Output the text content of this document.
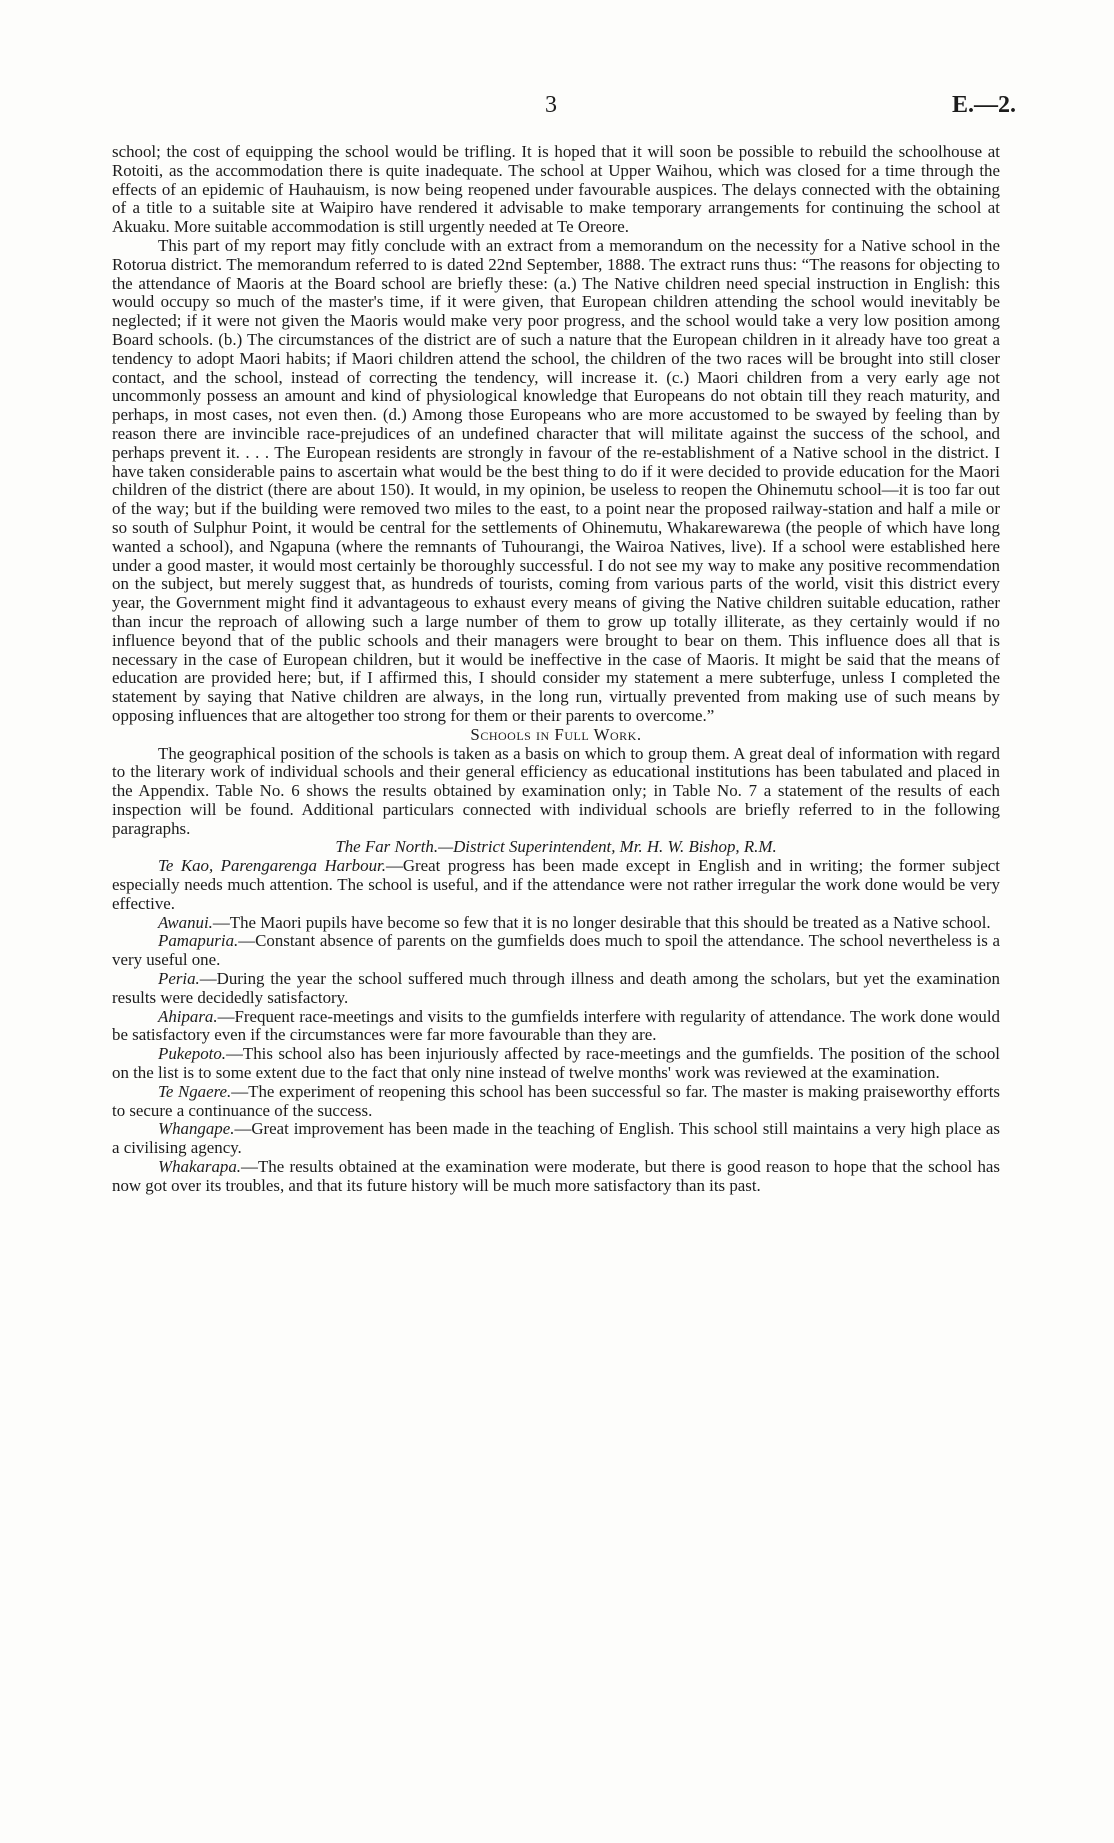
3	E.—2.

school; the cost of equipping the school would be trifling. It is hoped that it will soon be possible to rebuild the schoolhouse at Rotoiti, as the accommodation there is quite inadequate. The school at Upper Waihou, which was closed for a time through the effects of an epidemic of Hauhauism, is now being reopened under favourable auspices. The delays connected with the obtaining of a title to a suitable site at Waipiro have rendered it advisable to make temporary arrangements for continuing the school at Akuaku. More suitable accommodation is still urgently needed at Te Oreore.

This part of my report may fitly conclude with an extract from a memorandum on the necessity for a Native school in the Rotorua district. The memorandum referred to is dated 22nd September, 1888. The extract runs thus: “The reasons for objecting to the attendance of Maoris at the Board school are briefly these: (a.) The Native children need special instruction in English: this would occupy so much of the master's time, if it were given, that European children attending the school would inevitably be neglected; if it were not given the Maoris would make very poor progress, and the school would take a very low position among Board schools. (b.) The circumstances of the district are of such a nature that the European children in it already have too great a tendency to adopt Maori habits; if Maori children attend the school, the children of the two races will be brought into still closer contact, and the school, instead of correcting the tendency, will increase it. (c.) Maori children from a very early age not uncommonly possess an amount and kind of physiological knowledge that Europeans do not obtain till they reach maturity, and perhaps, in most cases, not even then. (d.) Among those Europeans who are more accustomed to be swayed by feeling than by reason there are invincible race-prejudices of an undefined character that will militate against the success of the school, and perhaps prevent it. . . . The European residents are strongly in favour of the re-establishment of a Native school in the district. I have taken considerable pains to ascertain what would be the best thing to do if it were decided to provide education for the Maori children of the district (there are about 150). It would, in my opinion, be useless to reopen the Ohinemutu school—it is too far out of the way; but if the building were removed two miles to the east, to a point near the proposed railway-station and half a mile or so south of Sulphur Point, it would be central for the settlements of Ohinemutu, Whakarewarewa (the people of which have long wanted a school), and Ngapuna (where the remnants of Tuhourangi, the Wairoa Natives, live). If a school were established here under a good master, it would most certainly be thoroughly successful. I do not see my way to make any positive recommendation on the subject, but merely suggest that, as hundreds of tourists, coming from various parts of the world, visit this district every year, the Government might find it advantageous to exhaust every means of giving the Native children suitable education, rather than incur the reproach of allowing such a large number of them to grow up totally illiterate, as they certainly would if no influence beyond that of the public schools and their managers were brought to bear on them. This influence does all that is necessary in the case of European children, but it would be ineffective in the case of Maoris. It might be said that the means of education are provided here; but, if I affirmed this, I should consider my statement a mere subterfuge, unless I completed the statement by saying that Native children are always, in the long run, virtually prevented from making use of such means by opposing influences that are altogether too strong for them or their parents to overcome.”

Schools in Full Work.

The geographical position of the schools is taken as a basis on which to group them. A great deal of information with regard to the literary work of individual schools and their general efficiency as educational institutions has been tabulated and placed in the Appendix. Table No. 6 shows the results obtained by examination only; in Table No. 7 a statement of the results of each inspection will be found. Additional particulars connected with individual schools are briefly referred to in the following paragraphs.

The Far North.—District Superintendent, Mr. H. W. Bishop, R.M.

Te Kao, Parengarenga Harbour.—Great progress has been made except in English and in writing; the former subject especially needs much attention. The school is useful, and if the attendance were not rather irregular the work done would be very effective.

Awanui.—The Maori pupils have become so few that it is no longer desirable that this should be treated as a Native school.

Pamapuria.—Constant absence of parents on the gumfields does much to spoil the attendance. The school nevertheless is a very useful one.

Peria.—During the year the school suffered much through illness and death among the scholars, but yet the examination results were decidedly satisfactory.

Ahipara.—Frequent race-meetings and visits to the gumfields interfere with regularity of attendance. The work done would be satisfactory even if the circumstances were far more favourable than they are.

Pukepoto.—This school also has been injuriously affected by race-meetings and the gumfields. The position of the school on the list is to some extent due to the fact that only nine instead of twelve months' work was reviewed at the examination.

Te Ngaere.—The experiment of reopening this school has been successful so far. The master is making praiseworthy efforts to secure a continuance of the success.

Whangape.—Great improvement has been made in the teaching of English. This school still maintains a very high place as a civilising agency.

Whakarapa.—The results obtained at the examination were moderate, but there is good reason to hope that the school has now got over its troubles, and that its future history will be much more satisfactory than its past.
